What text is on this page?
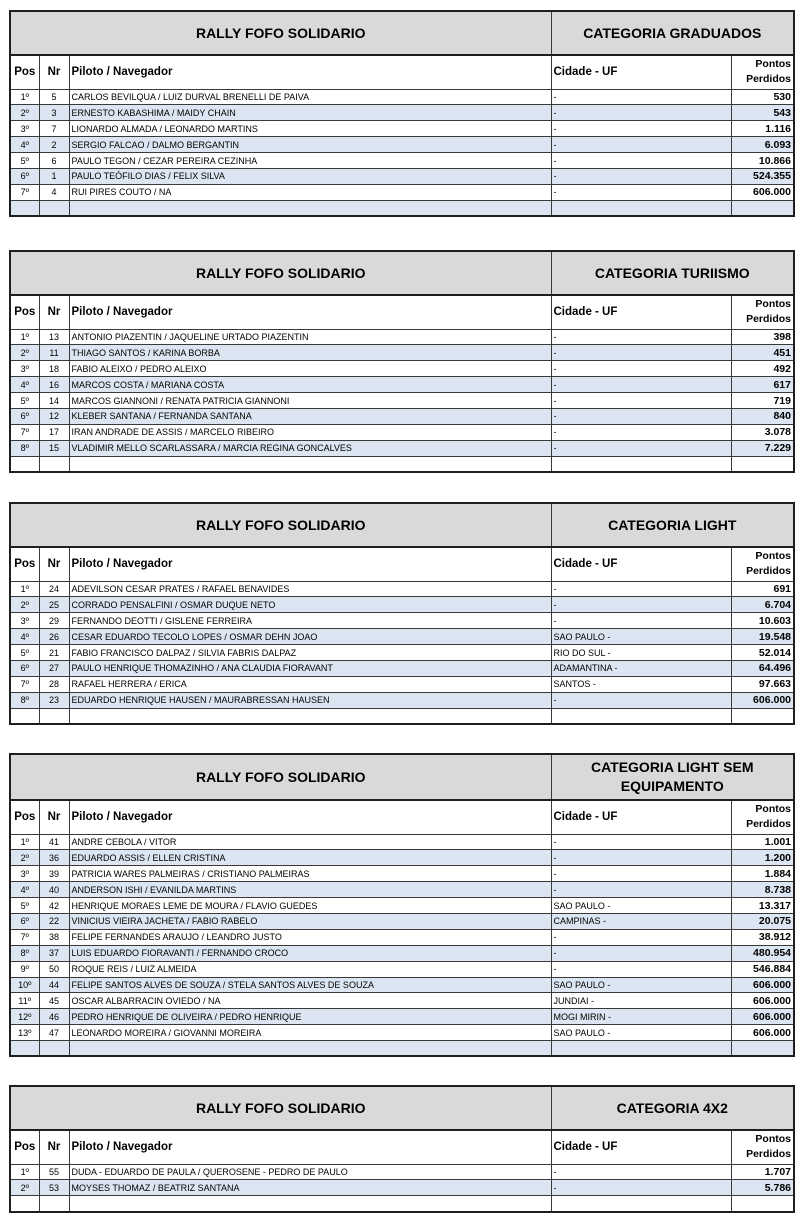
RALLY FOFO SOLIDARIO			CATEGORIA GRADUADOS	
Pos	Nr	Piloto / Navegador	Cidade - UF	Pontos Perdidos
1º	5	CARLOS BEVILQUA / LUIZ DURVAL BRENELLI DE PAIVA	-	530
2º	3	ERNESTO KABASHIMA / MAIDY CHAIN	-	543
3º	7	LIONARDO ALMADA / LEONARDO MARTINS	-	1.116
4º	2	SERGIO FALCAO / DALMO BERGANTIN	-	6.093
5º	6	PAULO TEGON / CEZAR PEREIRA CEZINHA	-	10.866
6º	1	PAULO TEÓFILO DIAS / FELIX SILVA	-	524.355
7º	4	RUI PIRES COUTO / NA	-	606.000

RALLY FOFO SOLIDARIO			CATEGORIA TURIISMO	
Pos	Nr	Piloto / Navegador	Cidade - UF	Pontos Perdidos
1º	13	ANTONIO PIAZENTIN / JAQUELINE URTADO PIAZENTIN	-	398
2º	11	THIAGO SANTOS / KARINA BORBA	-	451
3º	18	FABIO ALEIXO / PEDRO ALEIXO	-	492
4º	16	MARCOS COSTA / MARIANA COSTA	-	617
5º	14	MARCOS GIANNONI / RENATA PATRICIA GIANNONI	-	719
6º	12	KLEBER SANTANA / FERNANDA SANTANA	-	840
7º	17	IRAN ANDRADE DE ASSIS / MARCELO RIBEIRO	-	3.078
8º	15	VLADIMIR MELLO SCARLASSARA / MARCIA REGINA GONCALVES	-	7.229

RALLY FOFO SOLIDARIO			CATEGORIA LIGHT	
Pos	Nr	Piloto / Navegador	Cidade - UF	Pontos Perdidos
1º	24	ADEVILSON CESAR PRATES / RAFAEL BENAVIDES	-	691
2º	25	CORRADO PENSALFINI / OSMAR DUQUE NETO	-	6.704
3º	29	FERNANDO DEOTTI / GISLENE FERREIRA	-	10.603
4º	26	CESAR EDUARDO TECOLO LOPES / OSMAR DEHN JOAO	SAO PAULO -	19.548
5º	21	FABIO FRANCISCO DALPAZ / SILVIA FABRIS DALPAZ	RIO DO SUL -	52.014
6º	27	PAULO HENRIQUE THOMAZINHO / ANA CLAUDIA FIORAVANT	ADAMANTINA -	64.496
7º	28	RAFAEL HERRERA / ERICA	SANTOS -	97.663
8º	23	EDUARDO HENRIQUE HAUSEN / MAURABRESSAN HAUSEN	-	606.000

RALLY FOFO SOLIDARIO			CATEGORIA LIGHT SEM EQUIPAMENTO	
Pos	Nr	Piloto / Navegador	Cidade - UF	Pontos Perdidos
1º	41	ANDRE CEBOLA / VITOR	-	1.001
2º	36	EDUARDO ASSIS / ELLEN CRISTINA	-	1.200
3º	39	PATRICIA WARES PALMEIRAS / CRISTIANO PALMEIRAS	-	1.884
4º	40	ANDERSON ISHI / EVANILDA MARTINS	-	8.738
5º	42	HENRIQUE MORAES LEME DE MOURA / FLAVIO GUEDES	SAO PAULO -	13.317
6º	22	VINICIUS VIEIRA JACHETA / FABIO RABELO	CAMPINAS -	20.075
7º	38	FELIPE FERNANDES ARAUJO / LEANDRO JUSTO	-	38.912
8º	37	LUIS EDUARDO FIORAVANTI / FERNANDO CROCO	-	480.954
9º	50	ROQUE REIS / LUIZ ALMEIDA	-	546.884
10º	44	FELIPE SANTOS ALVES DE SOUZA / STELA SANTOS ALVES DE SOUZA	SAO PAULO -	606.000
11º	45	OSCAR ALBARRACIN OVIEDO / NA	JUNDIAI -	606.000
12º	46	PEDRO HENRIQUE DE OLIVEIRA / PEDRO HENRIQUE	MOGI MIRIN -	606.000
13º	47	LEONARDO MOREIRA / GIOVANNI MOREIRA	SAO PAULO -	606.000

RALLY FOFO SOLIDARIO			CATEGORIA 4X2	
Pos	Nr	Piloto / Navegador	Cidade - UF	Pontos Perdidos
1º	55	DUDA - EDUARDO DE PAULA / QUEROSENE - PEDRO DE PAULO	-	1.707
2º	53	MOYSES THOMAZ / BEATRIZ SANTANA	-	5.786
